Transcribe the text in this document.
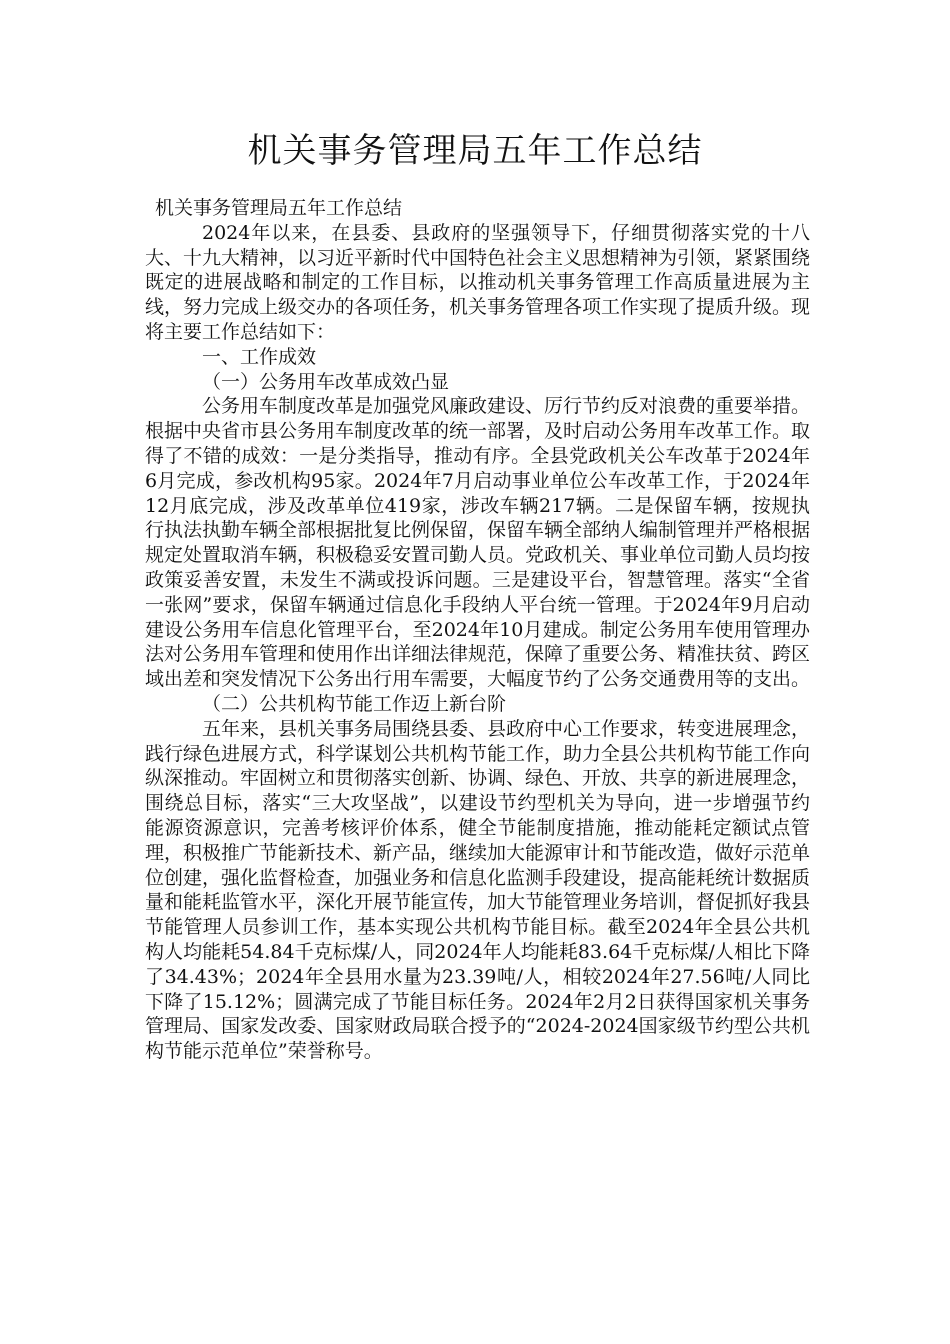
机关事务管理局五年工作总结

机关事务管理局五年工作总结

2024年以来，在县委、县政府的坚强领导下，仔细贯彻落实党的十八大、十九大精神，以习近平新时代中国特色社会主义思想精神为引领，紧紧围绕既定的进展战略和制定的工作目标，以推动机关事务管理工作高质量进展为主线，努力完成上级交办的各项任务，机关事务管理各项工作实现了提质升级。现将主要工作总结如下：

一、工作成效

（一）公务用车改革成效凸显

公务用车制度改革是加强党风廉政建设、厉行节约反对浪费的重要举措。根据中央省市县公务用车制度改革的统一部署，及时启动公务用车改革工作。取得了不错的成效：一是分类指导，推动有序。全县党政机关公车改革于2024年6月完成，参改机构95家。2024年7月启动事业单位公车改革工作，于2024年12月底完成，涉及改革单位419家，涉改车辆217辆。二是保留车辆，按规执行执法执勤车辆全部根据批复比例保留，保留车辆全部纳人编制管理并严格根据规定处置取消车辆，积极稳妥安置司勤人员。党政机关、事业单位司勤人员均按政策妥善安置，未发生不满或投诉问题。三是建设平台，智慧管理。落实“全省一张网”要求，保留车辆通过信息化手段纳人平台统一管理。于2024年9月启动建设公务用车信息化管理平台，至2024年10月建成。制定公务用车使用管理办法对公务用车管理和使用作出详细法律规范，保障了重要公务、精准扶贫、跨区域出差和突发情况下公务出行用车需要，大幅度节约了公务交通费用等的支出。

（二）公共机构节能工作迈上新台阶

五年来，县机关事务局围绕县委、县政府中心工作要求，转变进展理念，践行绿色进展方式，科学谋划公共机构节能工作，助力全县公共机构节能工作向纵深推动。牢固树立和贯彻落实创新、协调、绿色、开放、共享的新进展理念，围绕总目标，落实“三大攻坚战”，以建设节约型机关为导向，进一步增强节约能源资源意识，完善考核评价体系，健全节能制度措施，推动能耗定额试点管理，积极推广节能新技术、新产品，继续加大能源审计和节能改造，做好示范单位创建，强化监督检查，加强业务和信息化监测手段建设，提高能耗统计数据质量和能耗监管水平，深化开展节能宣传，加大节能管理业务培训，督促抓好我县节能管理人员参训工作，基本实现公共机构节能目标。截至2024年全县公共机构人均能耗54.84千克标煤/人，同2024年人均能耗83.64千克标煤/人相比下降了34.43%；2024年全县用水量为23.39吨/人，相较2024年27.56吨/人同比下降了15.12%；圆满完成了节能目标任务。2024年2月2日获得国家机关事务管理局、国家发改委、国家财政局联合授予的“2024-2024国家级节约型公共机构节能示范单位”荣誉称号。
